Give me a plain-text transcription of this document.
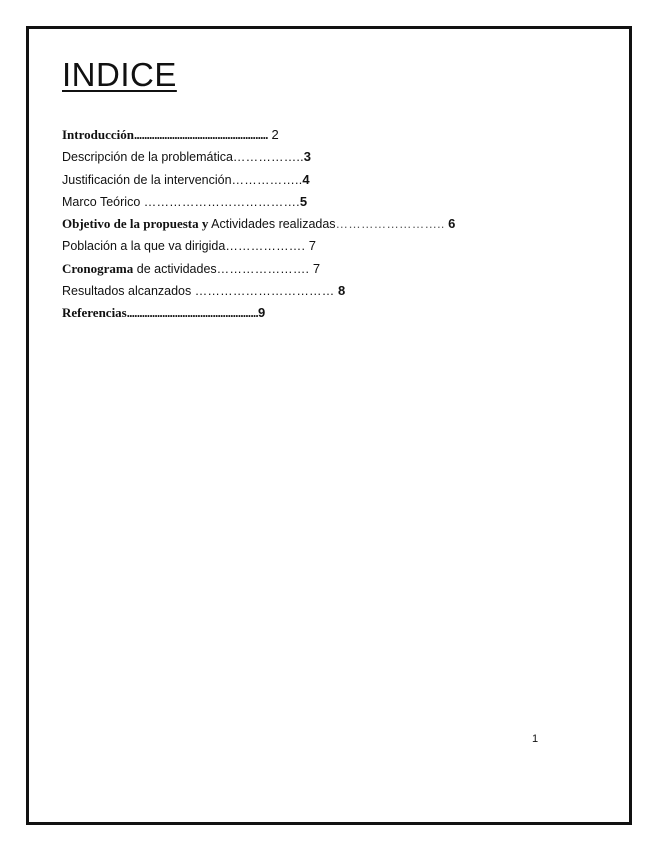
INDICE
Introducción..................................................... 2
Descripción de la problemática……………..3
Justificación de la intervención……………..4
Marco Teórico ……………………………….5
Objetivo de la propuesta y Actividades realizadas…………………….. 6
Población a la que va dirigida………………. 7
Cronograma de actividades…………………. 7
Resultados alcanzados …………………………… 8
Referencias....................................................9
1
